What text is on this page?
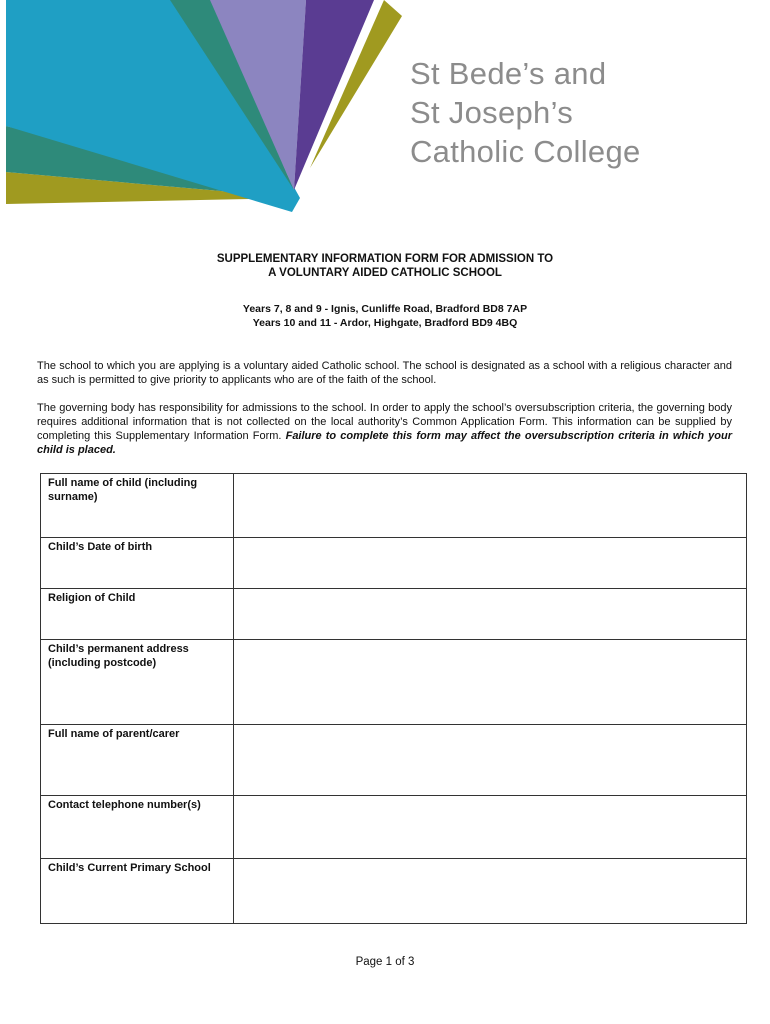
St Bede’s and
St Joseph’s
Catholic College
SUPPLEMENTARY INFORMATION FORM FOR ADMISSION TO
A VOLUNTARY AIDED CATHOLIC SCHOOL
Years 7, 8 and 9 - Ignis, Cunliffe Road, Bradford BD8 7AP
Years 10 and 11 - Ardor, Highgate, Bradford BD9 4BQ

The school to which you are applying is a voluntary aided Catholic school. The school is designated as a school with a religious character and as such is permitted to give priority to applicants who are of the faith of the school.

The governing body has responsibility for admissions to the school. In order to apply the school’s oversubscription criteria, the governing body requires additional information that is not collected on the local authority’s Common Application Form. This information can be supplied by completing this Supplementary Information Form. Failure to complete this form may affect the oversubscription criteria in which your child is placed.

Full name of child (including surname)	
Child’s Date of birth	
Religion of Child	
Child’s permanent address (including postcode)	
Full name of parent/carer	
Contact telephone number(s)	
Child’s Current Primary School	
Page 1 of 3
